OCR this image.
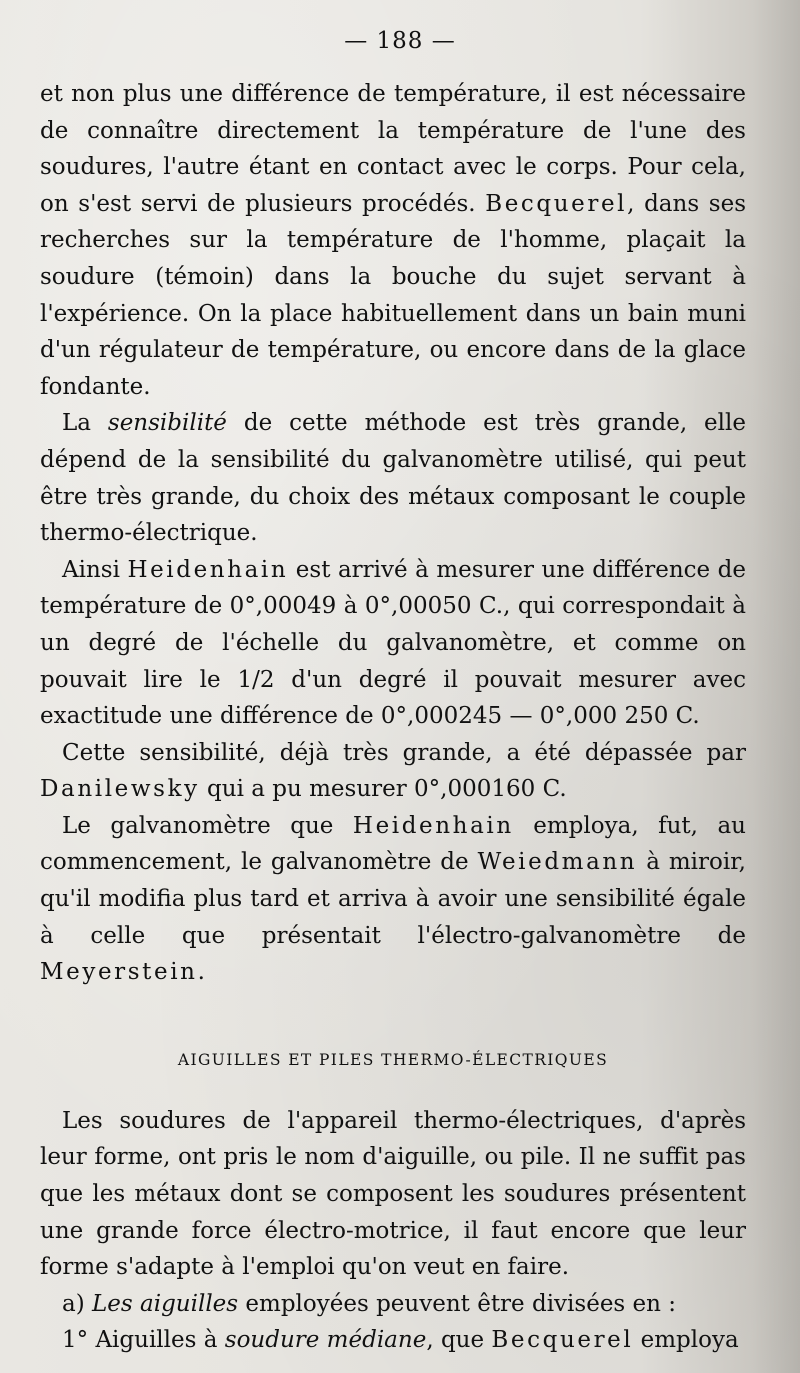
— 188 —

et non plus une différence de température, il est nécessaire de connaître directement la température de l'une des soudures, l'autre étant en contact avec le corps. Pour cela, on s'est servi de plusieurs procédés. Becquerel, dans ses recherches sur la température de l'homme, plaçait la soudure (témoin) dans la bouche du sujet servant à l'expérience. On la place habituellement dans un bain muni d'un régulateur de température, ou encore dans de la glace fondante.

La sensibilité de cette méthode est très grande, elle dépend de la sensibilité du galvanomètre utilisé, qui peut être très grande, du choix des métaux composant le couple thermo-électrique.

Ainsi Heidenhain est arrivé à mesurer une différence de température de 0°,00049 à 0°,00050 C., qui correspondait à un degré de l'échelle du galvanomètre, et comme on pouvait lire le 1/2 d'un degré il pouvait mesurer avec exactitude une différence de 0°,000245 — 0°,000 250 C.

Cette sensibilité, déjà très grande, a été dépassée par Danilewsky qui a pu mesurer 0°,000160 C.

Le galvanomètre que Heidenhain employa, fut, au commencement, le galvanomètre de Weiedmann à miroir, qu'il modifia plus tard et arriva à avoir une sensibilité égale à celle que présentait l'électro-galvanomètre de Meyerstein.

AIGUILLES ET PILES THERMO-ÉLECTRIQUES

Les soudures de l'appareil thermo-électriques, d'après leur forme, ont pris le nom d'aiguille, ou pile. Il ne suffit pas que les métaux dont se composent les soudures présentent une grande force électro-motrice, il faut encore que leur forme s'adapte à l'emploi qu'on veut en faire.

a) Les aiguilles employées peuvent être divisées en :

1° Aiguilles à soudure médiane, que Becquerel employa
